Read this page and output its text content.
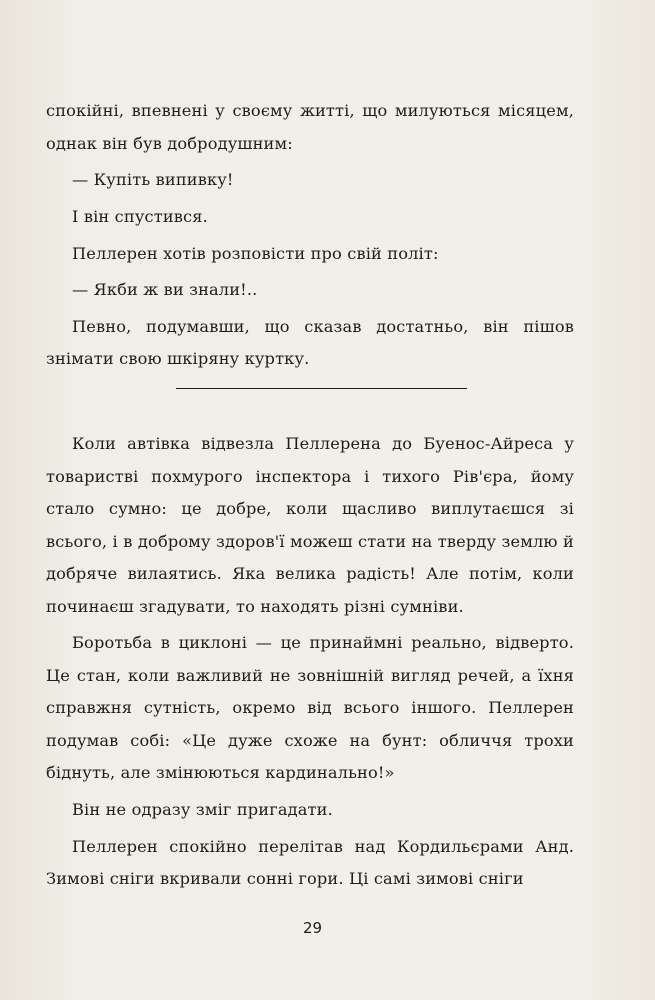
спокійні, впевнені у своєму житті, що милуються місяцем, однак він був добродушним:

— Купіть випивку!

І він спустився.

Пеллерен хотів розповісти про свій політ:

— Якби ж ви знали!..

Певно, подумавши, що сказав достатньо, він пішов знімати свою шкіряну куртку.

Коли автівка відвезла Пеллерена до Буенос-Айреса у товаристві похмурого інспектора і тихого Рів'єра, йому стало сумно: це добре, коли щасливо виплутаєшся зі всього, і в доброму здоров'ї можеш стати на тверду землю й добряче вилаятись. Яка велика радість! Але потім, коли починаєш згадувати, то находять різні сумніви.

Боротьба в циклоні — це принаймні реально, відверто. Це стан, коли важливий не зовнішній вигляд речей, а їхня справжня сутність, окремо від всього іншого. Пеллерен подумав собі: «Це дуже схоже на бунт: обличчя трохи біднуть, але змінюються кардинально!»

Він не одразу зміг пригадати.

Пеллерен спокійно перелітав над Кордильєрами Анд. Зимові сніги вкривали сонні гори. Ці самі зимові сніги

29
